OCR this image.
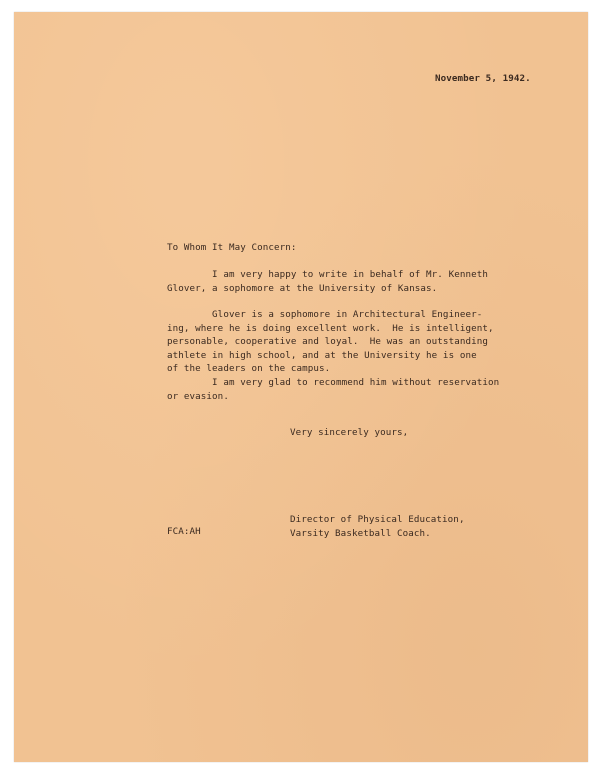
November 5, 1942.

To Whom It May Concern:

I am very happy to write in behalf of Mr. Kenneth
Glover, a sophomore at the University of Kansas.

Glover is a sophomore in Architectural Engineer-
ing, where he is doing excellent work.  He is intelligent,
personable, cooperative and loyal.  He was an outstanding
athlete in high school, and at the University he is one
of the leaders on the campus.

I am very glad to recommend him without reservation
or evasion.

Very sincerely yours,

Director of Physical Education,
Varsity Basketball Coach.

FCA:AH
